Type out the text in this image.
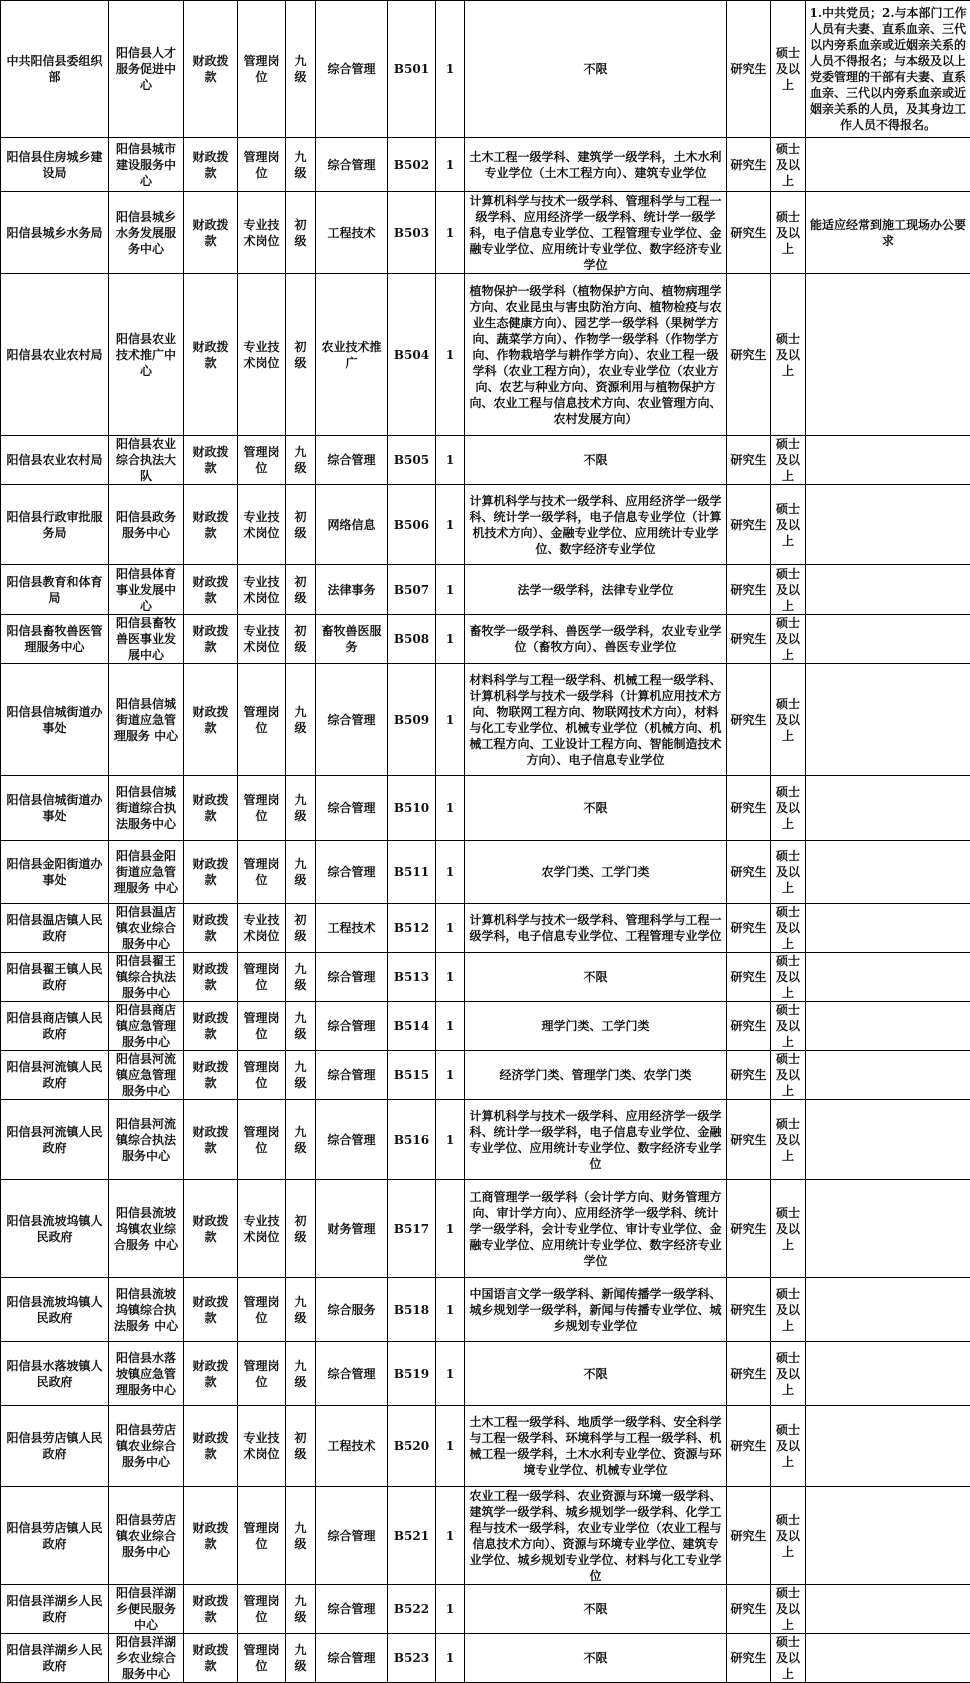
中共阳信县委组织部	阳信县人才服务促进中心	财政拨款	管理岗位	九级	综合管理	B501	1	不限	研究生	硕士及以上	1.中共党员；2.与本部门工作人员有夫妻、直系血亲、三代以内旁系血亲或近姻亲关系的人员不得报名；与本级及以上党委管理的干部有夫妻、直系血亲、三代以内旁系血亲或近姻亲关系的人员，及其身边工作人员不得报名。
阳信县住房城乡建设局	阳信县城市建设服务中心	财政拨款	管理岗位	九级	综合管理	B502	1	土木工程一级学科、建筑学一级学科，土木水利专业学位（土木工程方向）、建筑专业学位	研究生	硕士及以上	
阳信县城乡水务局	阳信县城乡水务发展服务中心	财政拨款	专业技术岗位	初级	工程技术	B503	1	计算机科学与技术一级学科、管理科学与工程一级学科、应用经济学一级学科、统计学一级学科，电子信息专业学位、工程管理专业学位、金融专业学位、应用统计专业学位、数字经济专业学位	研究生	硕士及以上	能适应经常到施工现场办公要求
阳信县农业农村局	阳信县农业技术推广中心	财政拨款	专业技术岗位	初级	农业技术推广	B504	1	植物保护一级学科（植物保护方向、植物病理学方向、农业昆虫与害虫防治方向、植物检疫与农业生态健康方向）、园艺学一级学科（果树学方向、蔬菜学方向）、作物学一级学科（作物学方向、作物栽培学与耕作学方向）、农业工程一级学科（农业工程方向），农业专业学位（农业方向、农艺与种业方向、资源利用与植物保护方向、农业工程与信息技术方向、农业管理方向、农村发展方向）	研究生	硕士及以上	
阳信县农业农村局	阳信县农业综合执法大队	财政拨款	管理岗位	九级	综合管理	B505	1	不限	研究生	硕士及以上	
阳信县行政审批服务局	阳信县政务服务中心	财政拨款	专业技术岗位	初级	网络信息	B506	1	计算机科学与技术一级学科、应用经济学一级学科、统计学一级学科，电子信息专业学位（计算机技术方向）、金融专业学位、应用统计专业学位、数字经济专业学位	研究生	硕士及以上	
阳信县教育和体育局	阳信县体育事业发展中心	财政拨款	专业技术岗位	初级	法律事务	B507	1	法学一级学科，法律专业学位	研究生	硕士及以上	
阳信县畜牧兽医管理服务中心	阳信县畜牧兽医事业发展中心	财政拨款	专业技术岗位	初级	畜牧兽医服务	B508	1	畜牧学一级学科、兽医学一级学科，农业专业学位（畜牧方向）、兽医专业学位	研究生	硕士及以上	
阳信县信城街道办事处	阳信县信城街道应急管理服务 中心	财政拨款	管理岗位	九级	综合管理	B509	1	材料科学与工程一级学科、机械工程一级学科、计算机科学与技术一级学科（计算机应用技术方向、物联网工程方向、物联网技术方向），材料与化工专业学位、机械专业学位（机械方向、机械工程方向、工业设计工程方向、智能制造技术方向）、电子信息专业学位	研究生	硕士及以上	
阳信县信城街道办事处	阳信县信城街道综合执法服务中心	财政拨款	管理岗位	九级	综合管理	B510	1	不限	研究生	硕士及以上	
阳信县金阳街道办事处	阳信县金阳街道应急管理服务 中心	财政拨款	管理岗位	九级	综合管理	B511	1	农学门类、工学门类	研究生	硕士及以上	
阳信县温店镇人民政府	阳信县温店镇农业综合服务中心	财政拨款	专业技术岗位	初级	工程技术	B512	1	计算机科学与技术一级学科、管理科学与工程一级学科，电子信息专业学位、工程管理专业学位	研究生	硕士及以上	
阳信县翟王镇人民政府	阳信县翟王镇综合执法服务中心	财政拨款	管理岗位	九级	综合管理	B513	1	不限	研究生	硕士及以上	
阳信县商店镇人民政府	阳信县商店镇应急管理服务中心	财政拨款	管理岗位	九级	综合管理	B514	1	理学门类、工学门类	研究生	硕士及以上	
阳信县河流镇人民政府	阳信县河流镇应急管理服务中心	财政拨款	管理岗位	九级	综合管理	B515	1	经济学门类、管理学门类、农学门类	研究生	硕士及以上	
阳信县河流镇人民政府	阳信县河流镇综合执法服务中心	财政拨款	管理岗位	九级	综合管理	B516	1	计算机科学与技术一级学科、应用经济学一级学科、统计学一级学科，电子信息专业学位、金融专业学位、应用统计专业学位、数字经济专业学位	研究生	硕士及以上	
阳信县流坡坞镇人民政府	阳信县流坡坞镇农业综合服务 中心	财政拨款	专业技术岗位	初级	财务管理	B517	1	工商管理学一级学科（会计学方向、财务管理方向、审计学方向）、应用经济学一级学科、统计学一级学科，会计专业学位、审计专业学位、金融专业学位、应用统计专业学位、数字经济专业学位	研究生	硕士及以上	
阳信县流坡坞镇人民政府	阳信县流坡坞镇综合执法服务 中心	财政拨款	管理岗位	九级	综合服务	B518	1	中国语言文学一级学科、新闻传播学一级学科、城乡规划学一级学科，新闻与传播专业学位、城乡规划专业学位	研究生	硕士及以上	
阳信县水落坡镇人民政府	阳信县水落坡镇应急管理服务中心	财政拨款	管理岗位	九级	综合管理	B519	1	不限	研究生	硕士及以上	
阳信县劳店镇人民政府	阳信县劳店镇农业综合服务中心	财政拨款	专业技术岗位	初级	工程技术	B520	1	土木工程一级学科、地质学一级学科、安全科学与工程一级学科、环境科学与工程一级学科、机械工程一级学科，土木水利专业学位、资源与环境专业学位、机械专业学位	研究生	硕士及以上	
阳信县劳店镇人民政府	阳信县劳店镇农业综合服务中心	财政拨款	管理岗位	九级	综合管理	B521	1	农业工程一级学科、农业资源与环境一级学科、建筑学一级学科、城乡规划学一级学科、化学工程与技术一级学科，农业专业学位（农业工程与信息技术方向）、资源与环境专业学位、建筑专业学位、城乡规划专业学位、材料与化工专业学位	研究生	硕士及以上	
阳信县洋湖乡人民政府	阳信县洋湖乡便民服务中心	财政拨款	管理岗位	九级	综合管理	B522	1	不限	研究生	硕士及以上	
阳信县洋湖乡人民政府	阳信县洋湖乡农业综合服务中心	财政拨款	管理岗位	九级	综合管理	B523	1	不限	研究生	硕士及以上	
